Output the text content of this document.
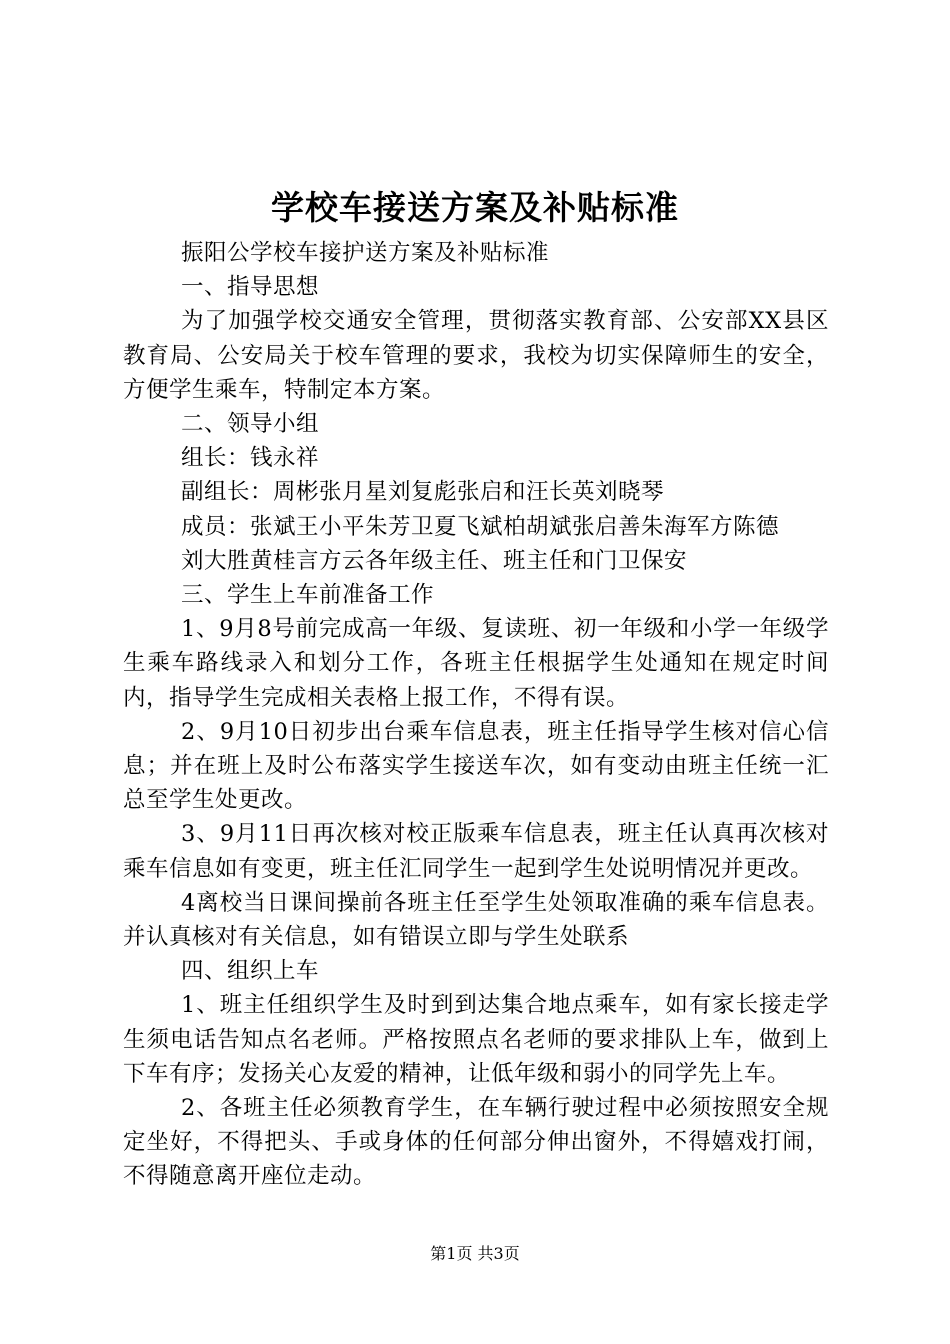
学校车接送方案及补贴标准

振阳公学校车接护送方案及补贴标准

一、指导思想

为了加强学校交通安全管理，贯彻落实教育部、公安部XX县区教育局、公安局关于校车管理的要求，我校为切实保障师生的安全，方便学生乘车，特制定本方案。

二、领导小组

组长：钱永祥

副组长：周彬张月星刘复彪张启和汪长英刘晓琴

成员：张斌王小平朱芳卫夏飞斌柏胡斌张启善朱海军方陈德

刘大胜黄桂言方云各年级主任、班主任和门卫保安

三、学生上车前准备工作

1、9月8号前完成高一年级、复读班、初一年级和小学一年级学生乘车路线录入和划分工作，各班主任根据学生处通知在规定时间内，指导学生完成相关表格上报工作，不得有误。

2、9月10日初步出台乘车信息表，班主任指导学生核对信心信息；并在班上及时公布落实学生接送车次，如有变动由班主任统一汇总至学生处更改。

3、9月11日再次核对校正版乘车信息表，班主任认真再次核对乘车信息如有变更，班主任汇同学生一起到学生处说明情况并更改。

4离校当日课间操前各班主任至学生处领取准确的乘车信息表。并认真核对有关信息，如有错误立即与学生处联系

四、组织上车

1、班主任组织学生及时到到达集合地点乘车，如有家长接走学生须电话告知点名老师。严格按照点名老师的要求排队上车，做到上下车有序；发扬关心友爱的精神，让低年级和弱小的同学先上车。

2、各班主任必须教育学生，在车辆行驶过程中必须按照安全规定坐好，不得把头、手或身体的任何部分伸出窗外，不得嬉戏打闹，不得随意离开座位走动。

第1页 共3页
